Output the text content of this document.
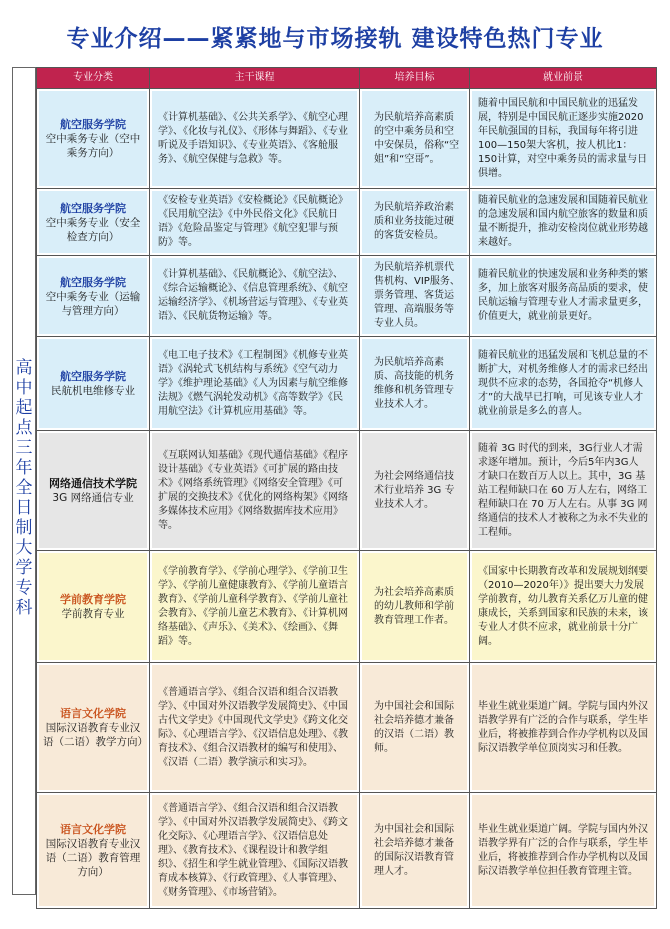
专业介绍——紧紧地与市场接轨 建设特色热门专业
高中起点三年全日制大学专科
专业分类	主干课程	培养目标	就业前景

航空服务学院
空中乘务专业（空中乘务方向）	《计算机基础》、《公共关系学》、《航空心理学》、《化妆与礼仪》、《形体与舞蹈》、《专业听说及手语知识》、《专业英语》、《客舱服务》、《航空保健与急救》等。	为民航培养高素质的空中乘务员和空中安保员，俗称“空姐”和“空哥”。	随着中国民航和中国民航业的迅猛发展，特别是中国民航正逐步实施2020年民航强国的目标，我国每年将引进100—150架大客机，按人机比1：150计算，对空中乘务员的需求量与日俱增。

航空服务学院
空中乘务专业（安全检查方向）	《安检专业英语》《安检概论》《民航概论》《民用航空法》《中外民俗文化》《民航日语》《危险品鉴定与管理》《航空犯罪与预防》等。	为民航培养政治素质和业务技能过硬的客货安检员。	随着民航业的急速发展和国随着民航业的急速发展和国内航空旅客的数量和质量不断提升，推动安检岗位就业形势越来越好。

航空服务学院
空中乘务专业（运输与管理方向）	《计算机基础》、《民航概论》、《航空法》、《综合运输概论》、《信息管理系统》、《航空运输经济学》、《机场营运与管理》、《专业英语》、《民航货物运输》等。	为民航培养机票代售机构、VIP服务、票务管理、客货运管理、高端服务等专业人员。	随着民航业的快速发展和业务种类的繁多，加上旅客对服务高品质的要求，使民航运输与管理专业人才需求量更多，价值更大，就业前景更好。

航空服务学院
民航机电维修专业	《电工电子技术》《工程制图》《机修专业英语》《涡轮式飞机结构与系统》《空气动力学》《维护理论基础》《人为因素与航空维修法规》《燃气涡轮发动机》《高等数学》《民用航空法》《计算机应用基础》等。	为民航培养高素质、高技能的机务维修和机务管理专业技术人才。	随着民航业的迅猛发展和飞机总量的不断扩大，对机务维修人才的需求已经出现供不应求的态势，各国抢夺“机修人才”的大战早已打响，可见该专业人才就业前景是多么的喜人。

网络通信技术学院
3G 网络通信专业	《互联网认知基础》《现代通信基础》《程序设计基础》《专业英语》《可扩展的路由技术》《网络系统管理》《网络安全管理》《可扩展的交换技术》《优化的网络构架》《网络多媒体技术应用》《网络数据库技术应用》等。	为社会网络通信技术行业培养 3G 专业技术人才。	随着 3G 时代的到来，3G行业人才需求逐年增加。预计，今后5年内3G人才缺口在数百万人以上。其中，3G 基站工程师缺口在 60 万人左右，网络工程师缺口在 70 万人左右。从事 3G 网络通信的技术人才被称之为永不失业的工程师。

学前教育学院
学前教育专业	《学前教育学》、《学前心理学》、《学前卫生学》、《学前儿童健康教育》、《学前儿童语言教育》、《学前儿童科学教育》、《学前儿童社会教育》、《学前儿童艺术教育》、《计算机网络基础》、《声乐》、《美术》、《绘画》、《舞蹈》等。	为社会培养高素质的幼儿教师和学前教育管理工作者。	《国家中长期教育改革和发展规划纲要（2010—2020年）》提出要大力发展学前教育，幼儿教育关系亿万儿童的健康成长，关系到国家和民族的未来，该专业人才供不应求，就业前景十分广阔。

语言文化学院
国际汉语教育专业汉语（二语）教学方向）	《普通语言学》、《组合汉语和组合汉语教学》、《中国对外汉语教学发展简史》、《中国古代文学史》《中国现代文学史》《跨文化交际》、《心理语言学》、《汉语信息处理》、《教育技术》、《组合汉语教材的编写和使用》、《汉语（二语）教学演示和实习》。	为中国社会和国际社会培养德才兼备的汉语（二语）教师。	毕业生就业渠道广阔。学院与国内外汉语教学界有广泛的合作与联系，学生毕业后，将被推荐到合作办学机构以及国际汉语教学单位顶岗实习和任教。

语言文化学院
国际汉语教育专业汉语（二语）教育管理方向）	《普通语言学》、《组合汉语和组合汉语教学》、《中国对外汉语教学发展简史》、《跨文化交际》、《心理语言学》、《汉语信息处理》、《教育技术》、《课程设计和教学组织》、《招生和学生就业管理》、《国际汉语教育成本核算》、《行政管理》、《人事管理》、《财务管理》、《市场营销》。	为中国社会和国际社会培养德才兼备的国际汉语教育管理人才。	毕业生就业渠道广阔。学院与国内外汉语教学界有广泛的合作与联系，学生毕业后，将被推荐到合作办学机构以及国际汉语教学单位担任教育管理主管。
